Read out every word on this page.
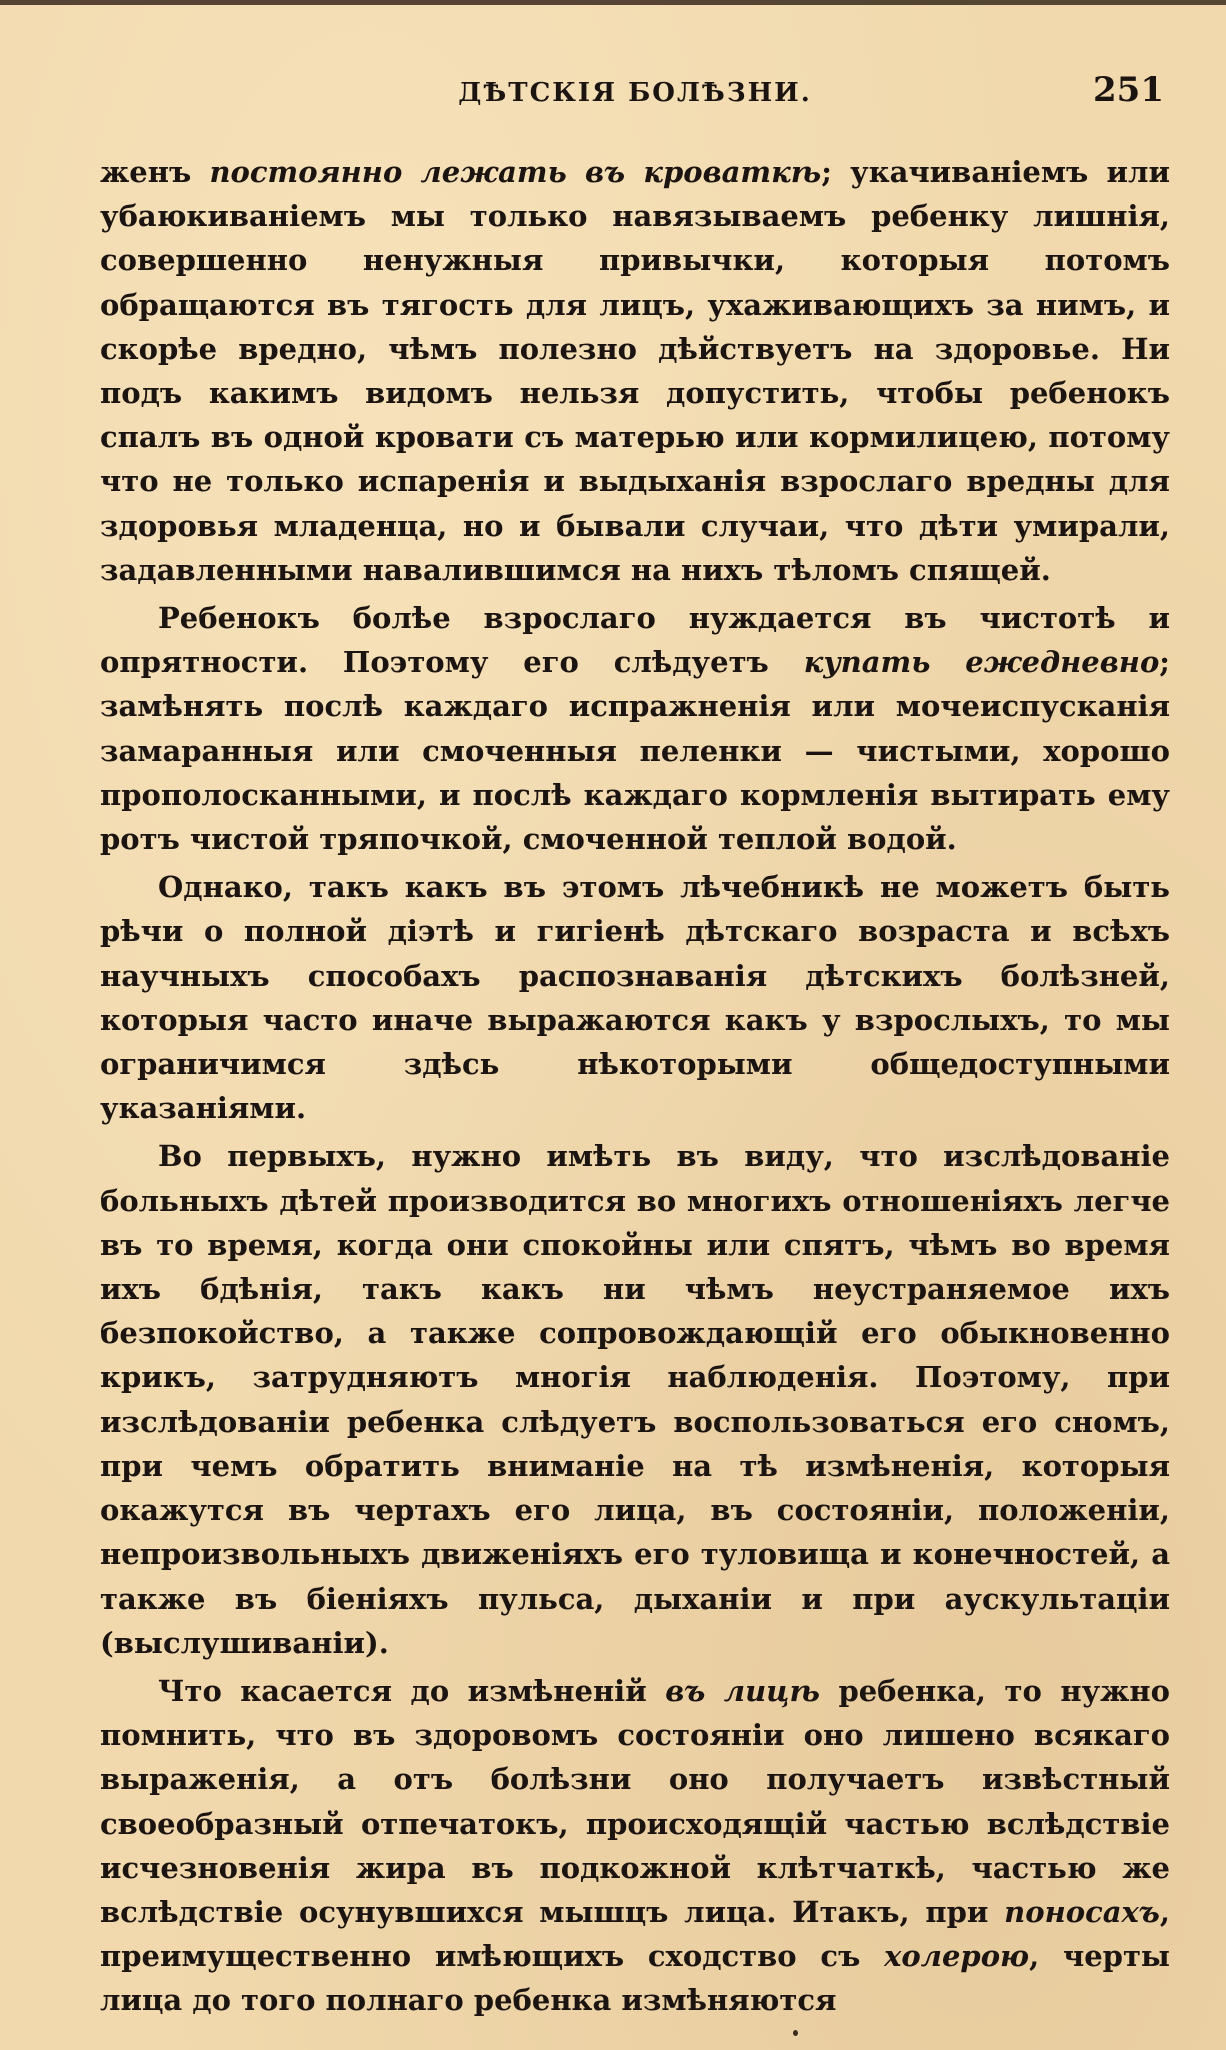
ДѢТСКІЯ БОЛѢЗНИ.	251

женъ постоянно лежать въ кроваткѣ; укачиваніемъ или убаюкиваніемъ мы только навязываемъ ребенку лишнія, совершенно ненужныя привычки, которыя потомъ обращаются въ тягость для лицъ, ухаживающихъ за нимъ, и скорѣе вредно, чѣмъ полезно дѣйствуетъ на здоровье. Ни подъ какимъ видомъ нельзя допустить, чтобы ребенокъ спалъ въ одной кровати съ матерью или кормилицею, потому что не только испаренія и выдыханія взрослаго вредны для здоровья младенца, но и бывали случаи, что дѣти умирали, задавленными навалившимся на нихъ тѣломъ спящей.

Ребенокъ болѣе взрослаго нуждается въ чистотѣ и опрятности. Поэтому его слѣдуетъ купать ежедневно; замѣнять послѣ каждаго испражненія или мочеиспусканія замаранныя или смоченныя пеленки — чистыми, хорошо прополосканными, и послѣ каждаго кормленія вытирать ему ротъ чистой тряпочкой, смоченной теплой водой.

Однако, такъ какъ въ этомъ лѣчебникѣ не можетъ быть рѣчи о полной діэтѣ и гигіенѣ дѣтскаго возраста и всѣхъ научныхъ способахъ распознаванія дѣтскихъ болѣзней, которыя часто иначе выражаются какъ у взрослыхъ, то мы ограничимся здѣсь нѣкоторыми общедоступными указаніями.

Во первыхъ, нужно имѣть въ виду, что изслѣдованіе больныхъ дѣтей производится во многихъ отношеніяхъ легче въ то время, когда они спокойны или спятъ, чѣмъ во время ихъ бдѣнія, такъ какъ ни чѣмъ неустраняемое ихъ безпокойство, а также сопровождающій его обыкновенно крикъ, затрудняютъ многія наблюденія. Поэтому, при изслѣдованіи ребенка слѣдуетъ воспользоваться его сномъ, при чемъ обратить вниманіе на тѣ измѣненія, которыя окажутся въ чертахъ его лица, въ состояніи, положеніи, непроизвольныхъ движеніяхъ его туловища и конечностей, а также въ біеніяхъ пульса, дыханіи и при аускультаціи (выслушиваніи).

Что касается до измѣненій въ лицѣ ребенка, то нужно помнить, что въ здоровомъ состояніи оно лишено всякаго выраженія, а отъ болѣзни оно получаетъ извѣстный своеобразный отпечатокъ, происходящій частью вслѣдствіе исчезновенія жира въ подкожной клѣтчаткѣ, частью же вслѣдствіе осунувшихся мышцъ лица. Итакъ, при поносахъ, преимущественно имѣющихъ сходство съ холерою, черты лица до того полнаго ребенка измѣняются
